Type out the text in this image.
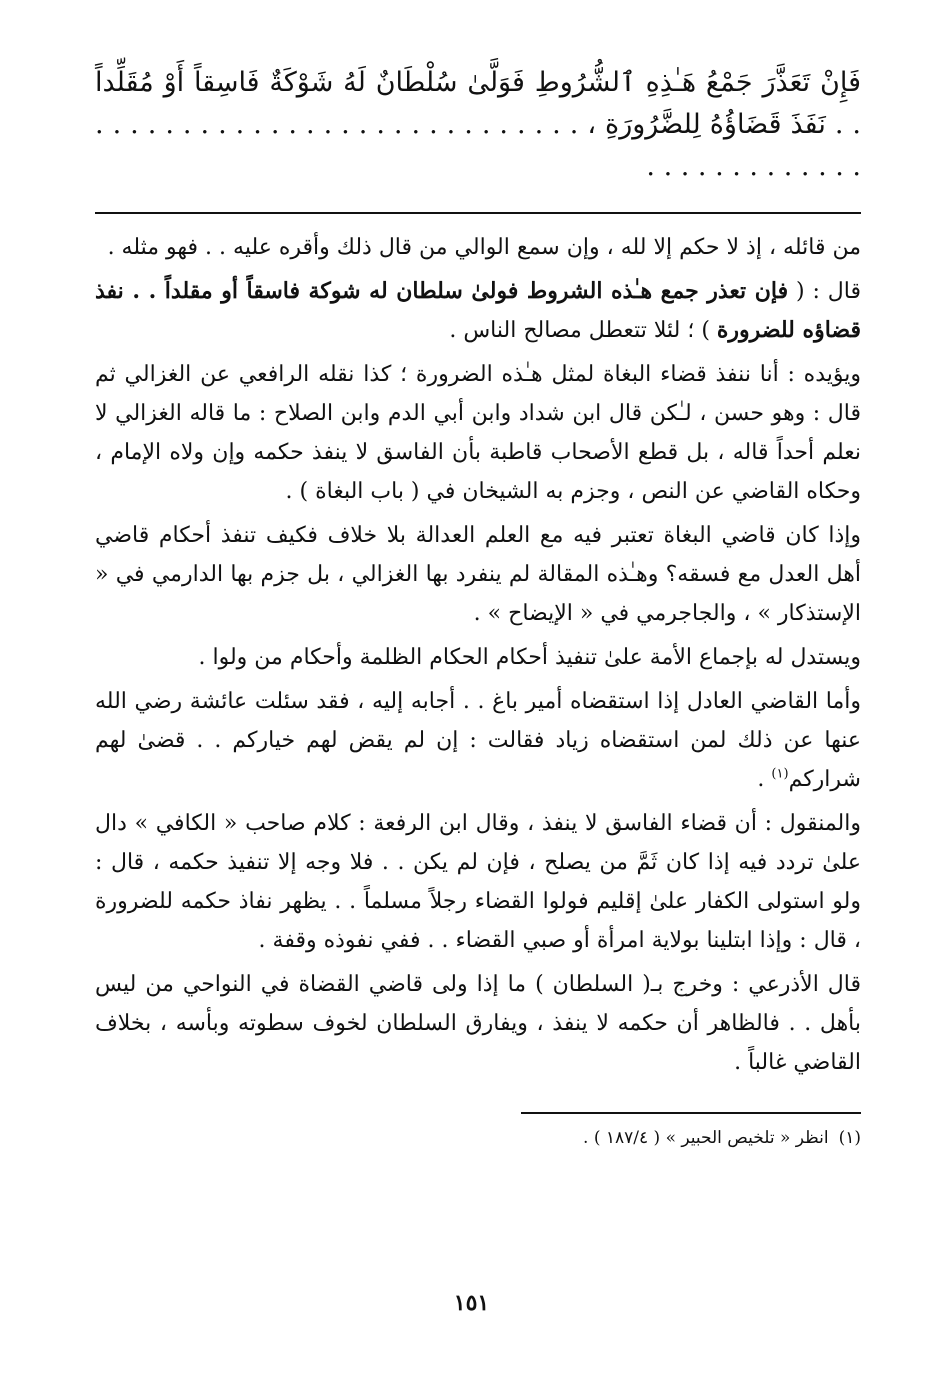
فَإِنْ تَعَذَّرَ جَمْعُ هَـٰذِهِ ٱلشُّرُوطِ فَوَلَّىٰ سُلْطَانٌ لَهُ شَوْكَةٌ فَاسِقاً أَوْ مُقَلِّداً . . نَفَذَ قَضَاؤُهُ لِلضَّرُورَةِ ، . . . . . . . . . . . . . . . . . . . . . . . . . . . . . . . . . . . . . . . . .

من قائله ، إذ لا حكم إلا لله ، وإن سمع الوالي من قال ذلك وأقره عليه . . فهو مثله .

قال : ( فإن تعذر جمع هـٰذه الشروط فولىٰ سلطان له شوكة فاسقاً أو مقلداً . . نفذ قضاؤه للضرورة ) ؛ لئلا تتعطل مصالح الناس .

ويؤيده : أنا ننفذ قضاء البغاة لمثل هـٰذه الضرورة ؛ كذا نقله الرافعي عن الغزالي ثم قال : وهو حسن ، لـٰكن قال ابن شداد وابن أبي الدم وابن الصلاح : ما قاله الغزالي لا نعلم أحداً قاله ، بل قطع الأصحاب قاطبة بأن الفاسق لا ينفذ حكمه وإن ولاه الإمام ، وحكاه القاضي عن النص ، وجزم به الشيخان في ( باب البغاة ) .

وإذا كان قاضي البغاة تعتبر فيه مع العلم العدالة بلا خلاف فكيف تنفذ أحكام قاضي أهل العدل مع فسقه؟ وهـٰذه المقالة لم ينفرد بها الغزالي ، بل جزم بها الدارمي في « الإستذكار » ، والجاجرمي في « الإيضاح » .

ويستدل له بإجماع الأمة علىٰ تنفيذ أحكام الحكام الظلمة وأحكام من ولوا .

وأما القاضي العادل إذا استقضاه أمير باغ . . أجابه إليه ، فقد سئلت عائشة رضي الله عنها عن ذلك لمن استقضاه زياد فقالت : إن لم يقض لهم خياركم . . قضىٰ لهم شراركم$^{(١)}$ .

والمنقول : أن قضاء الفاسق لا ينفذ ، وقال ابن الرفعة : كلام صاحب « الكافي » دال علىٰ تردد فيه إذا كان ثَمَّ من يصلح ، فإن لم يكن . . فلا وجه إلا تنفيذ حكمه ، قال : ولو استولى الكفار علىٰ إقليم فولوا القضاء رجلاً مسلماً . . يظهر نفاذ حكمه للضرورة ، قال : وإذا ابتلينا بولاية امرأة أو صبي القضاء . . ففي نفوذه وقفة .

قال الأذرعي : وخرج بـ( السلطان ) ما إذا ولى قاضي القضاة في النواحي من ليس بأهل . . فالظاهر أن حكمه لا ينفذ ، ويفارق السلطان لخوف سطوته وبأسه ، بخلاف القاضي غالباً .

(١)انظر « تلخيص الحبير » ( ١٨٧/٤ ) .

١٥١
